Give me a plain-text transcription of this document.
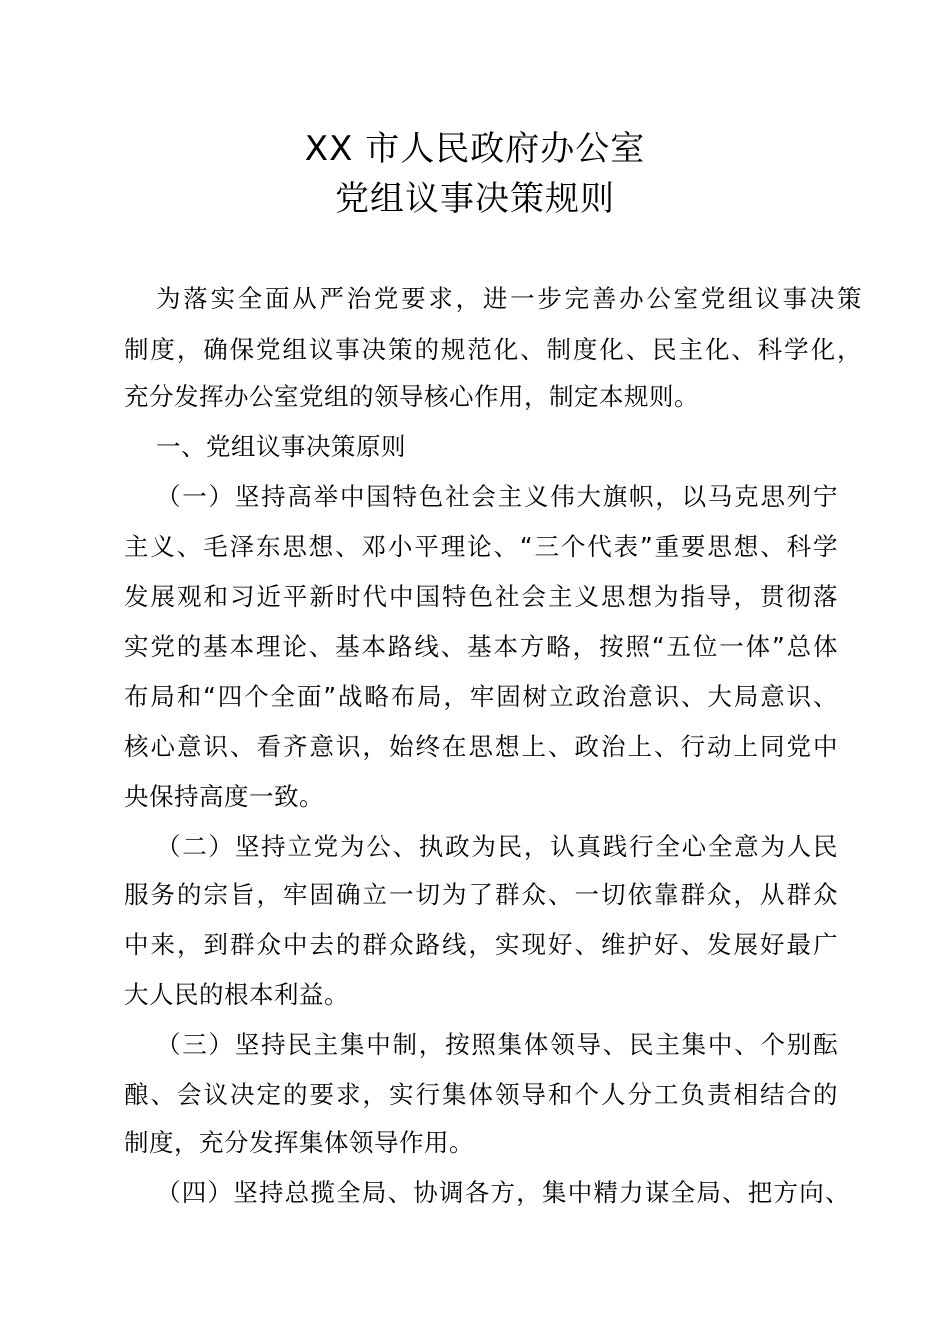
XX 市人民政府办公室
党组议事决策规则
为落实全面从严治党要求，进一步完善办公室党组议事决策
制度，确保党组议事决策的规范化、制度化、民主化、科学化，
充分发挥办公室党组的领导核心作用，制定本规则。
一、党组议事决策原则
（一）坚持高举中国特色社会主义伟大旗帜，以马克思列宁
主义、毛泽东思想、邓小平理论、“三个代表”重要思想、科学
发展观和习近平新时代中国特色社会主义思想为指导，贯彻落
实党的基本理论、基本路线、基本方略，按照“五位一体”总体
布局和“四个全面”战略布局，牢固树立政治意识、大局意识、
核心意识、看齐意识，始终在思想上、政治上、行动上同党中
央保持高度一致。
（二）坚持立党为公、执政为民，认真践行全心全意为人民
服务的宗旨，牢固确立一切为了群众、一切依靠群众，从群众
中来，到群众中去的群众路线，实现好、维护好、发展好最广
大人民的根本利益。
（三）坚持民主集中制，按照集体领导、民主集中、个别酝
酿、会议决定的要求，实行集体领导和个人分工负责相结合的
制度，充分发挥集体领导作用。
（四）坚持总揽全局、协调各方，集中精力谋全局、把方向、
